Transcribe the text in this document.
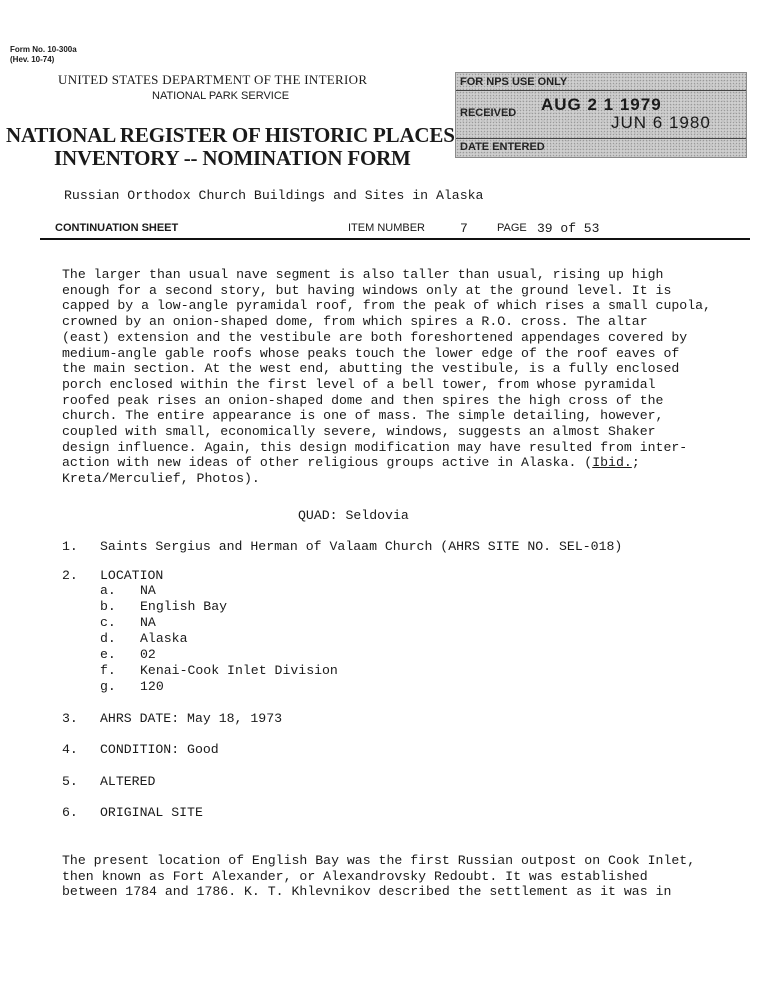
Form No. 10-300a
(Hev. 10-74)
UNITED STATES DEPARTMENT OF THE INTERIOR
NATIONAL PARK SERVICE
NATIONAL REGISTER OF HISTORIC PLACES
INVENTORY -- NOMINATION FORM
FOR NPS USE ONLY
RECEIVED AUG 2 1 1979
JUN 6 1980
DATE ENTERED
Russian Orthodox Church Buildings and Sites in Alaska
CONTINUATION SHEET	ITEM NUMBER	7	PAGE 39 of 53
The larger than usual nave segment is also taller than usual, rising up high
enough for a second story, but having windows only at the ground level. It is
capped by a low-angle pyramidal roof, from the peak of which rises a small cupola,
crowned by an onion-shaped dome, from which spires a R.O. cross. The altar
(east) extension and the vestibule are both foreshortened appendages covered by
medium-angle gable roofs whose peaks touch the lower edge of the roof eaves of
the main section. At the west end, abutting the vestibule, is a fully enclosed
porch enclosed within the first level of a bell tower, from whose pyramidal
roofed peak rises an onion-shaped dome and then spires the high cross of the
church. The entire appearance is one of mass. The simple detailing, however,
coupled with small, economically severe, windows, suggests an almost Shaker
design influence. Again, this design modification may have resulted from inter-
action with new ideas of other religious groups active in Alaska. (Ibid.;
Kreta/Merculief, Photos).
QUAD: Seldovia
1. Saints Sergius and Herman of Valaam Church (AHRS SITE NO. SEL-018)
2. LOCATION
a. NA
b. English Bay
c. NA
d. Alaska
e. 02
f. Kenai-Cook Inlet Division
g. 120
3. AHRS DATE: May 18, 1973
4. CONDITION: Good
5. ALTERED
6. ORIGINAL SITE
The present location of English Bay was the first Russian outpost on Cook Inlet,
then known as Fort Alexander, or Alexandrovsky Redoubt. It was established
between 1784 and 1786. K. T. Khlevnikov described the settlement as it was in
